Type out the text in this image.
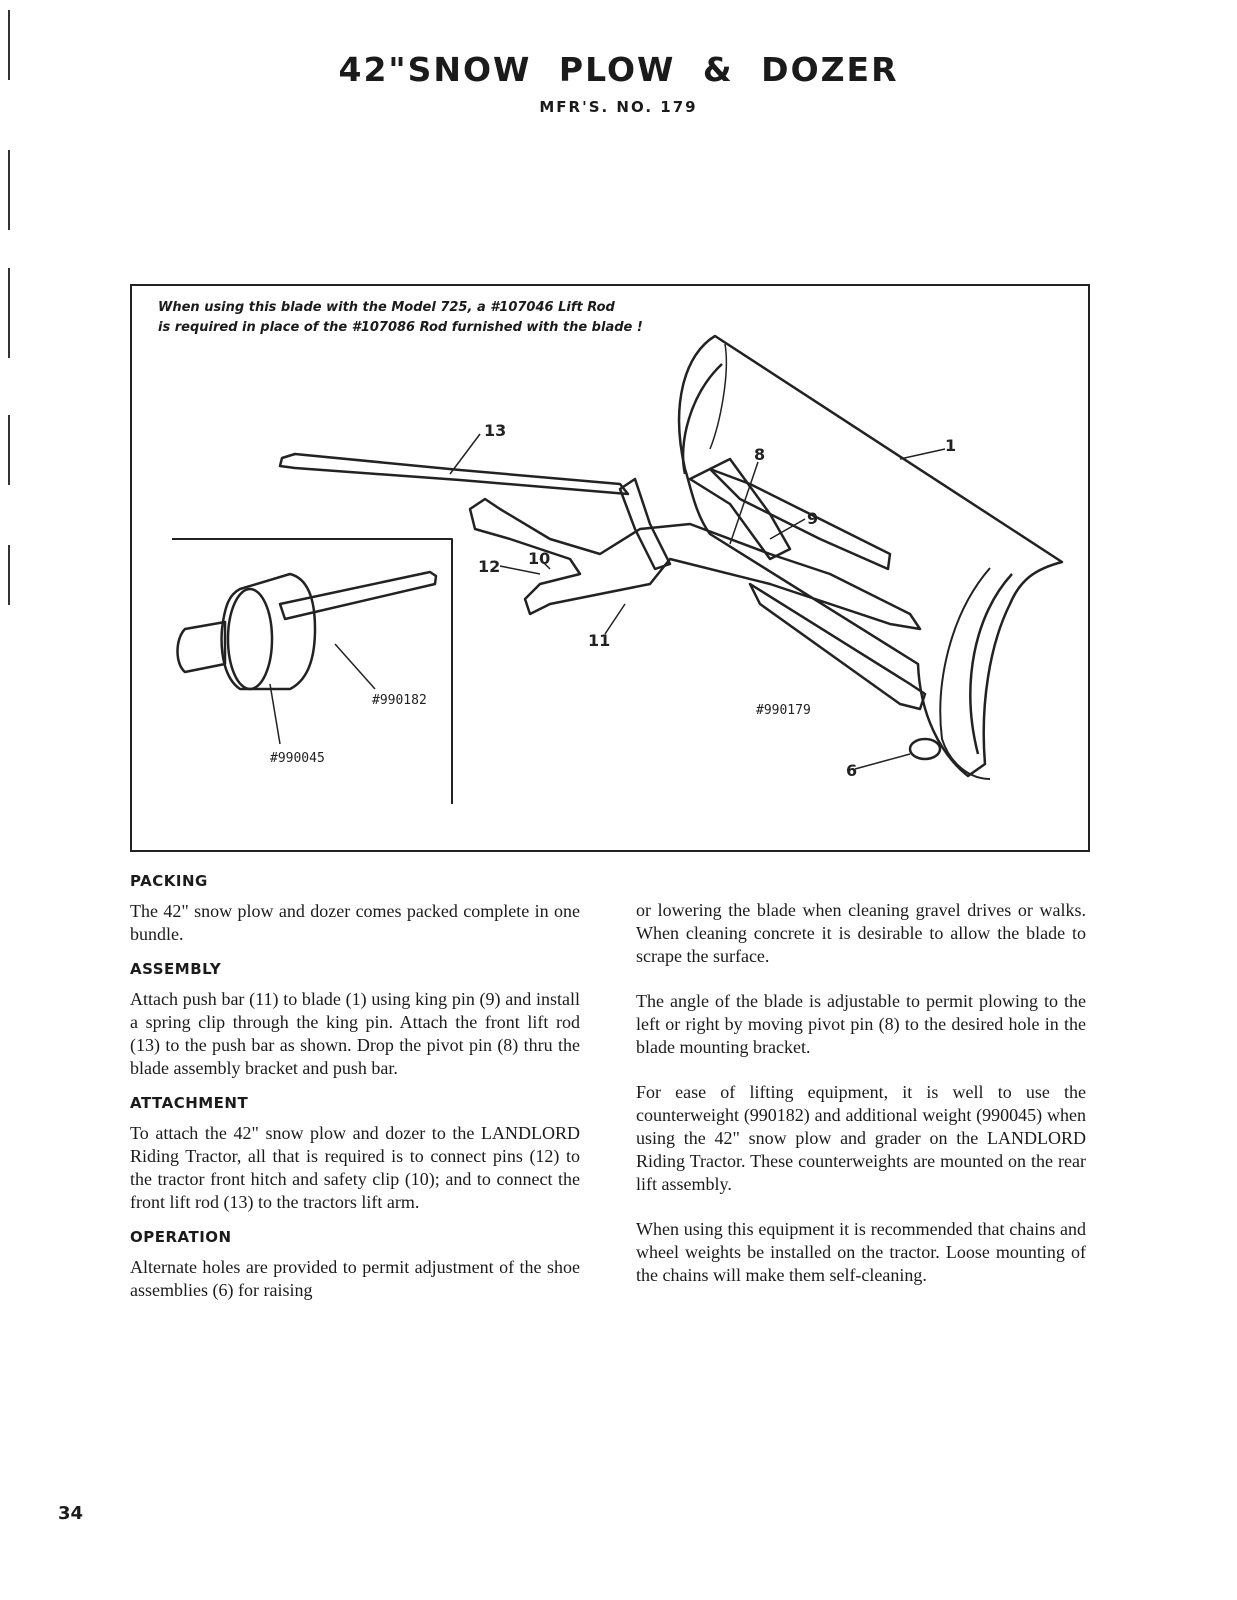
42"SNOW PLOW & DOZER
MFR'S. NO. 179
13
1
8
9
12 10
11
6
#990182
#990045
#990179
When using this blade with the Model 725, a #107046 Lift Rod
is required in place of the #107086 Rod furnished with the blade !
PACKING

The 42" snow plow and dozer comes packed complete in one bundle.

ASSEMBLY

Attach push bar (11) to blade (1) using king pin (9) and install a spring clip through the king pin. Attach the front lift rod (13) to the push bar as shown. Drop the pivot pin (8) thru the blade assembly bracket and push bar.

ATTACHMENT

To attach the 42" snow plow and dozer to the LANDLORD Riding Tractor, all that is required is to connect pins (12) to the tractor front hitch and safety clip (10); and to connect the front lift rod (13) to the tractors lift arm.

OPERATION

Alternate holes are provided to permit adjustment of the shoe assemblies (6) for raising

or lowering the blade when cleaning gravel drives or walks. When cleaning concrete it is desirable to allow the blade to scrape the surface.

The angle of the blade is adjustable to permit plowing to the left or right by moving pivot pin (8) to the desired hole in the blade mounting bracket.

For ease of lifting equipment, it is well to use the counterweight (990182) and additional weight (990045) when using the 42" snow plow and grader on the LANDLORD Riding Tractor. These counterweights are mounted on the rear lift assembly.

When using this equipment it is recommended that chains and wheel weights be installed on the tractor. Loose mounting of the chains will make them self-cleaning.

34
